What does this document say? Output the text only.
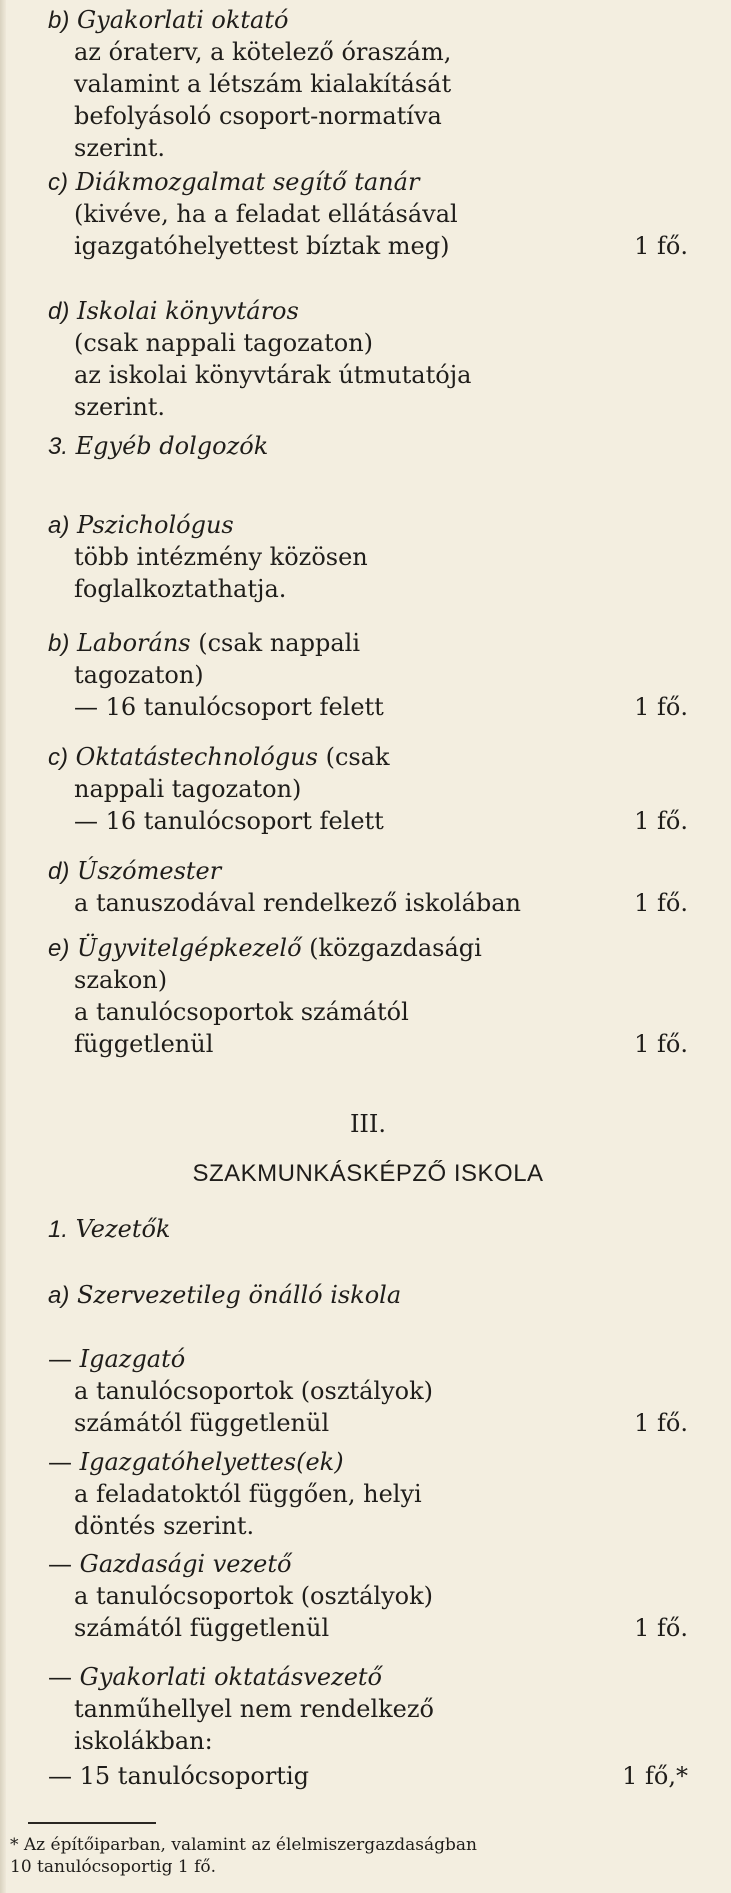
b) Gyakorlati oktató
az óraterv, a kötelező óraszám,
valamint a létszám kialakítását
befolyásoló csoport-normatíva
szerint.
c) Diákmozgalmat segítő tanár
(kivéve, ha a feladat ellátásával
igazgatóhelyettest bíztak meg)	1 fő.
d) Iskolai könyvtáros
(csak nappali tagozaton)
az iskolai könyvtárak útmutatója
szerint.
3. Egyéb dolgozók
a) Pszichológus
több intézmény közösen
foglalkoztathatja.
b) Laboráns (csak nappali
tagozaton)
— 16 tanulócsoport felett	1 fő.
c) Oktatástechnológus (csak
nappali tagozaton)
— 16 tanulócsoport felett	1 fő.
d) Úszómester
a tanuszodával rendelkező iskolában	1 fő.
e) Ügyvitelgépkezelő (közgazdasági
szakon)
a tanulócsoportok számától
függetlenül	1 fő.
III.
SZAKMUNKÁSKÉPZŐ ISKOLA
1. Vezetők
a) Szervezetileg önálló iskola
— Igazgató
a tanulócsoportok (osztályok)
számától függetlenül	1 fő.
— Igazgatóhelyettes(ek)
a feladatoktól függően, helyi
döntés szerint.
— Gazdasági vezető
a tanulócsoportok (osztályok)
számától függetlenül	1 fő.
— Gyakorlati oktatásvezető
tanműhellyel nem rendelkező
iskolákban:
— 15 tanulócsoportig	1 fő,*
* Az építőiparban, valamint az élelmiszergazdaságban
10 tanulócsoportig 1 fő.
